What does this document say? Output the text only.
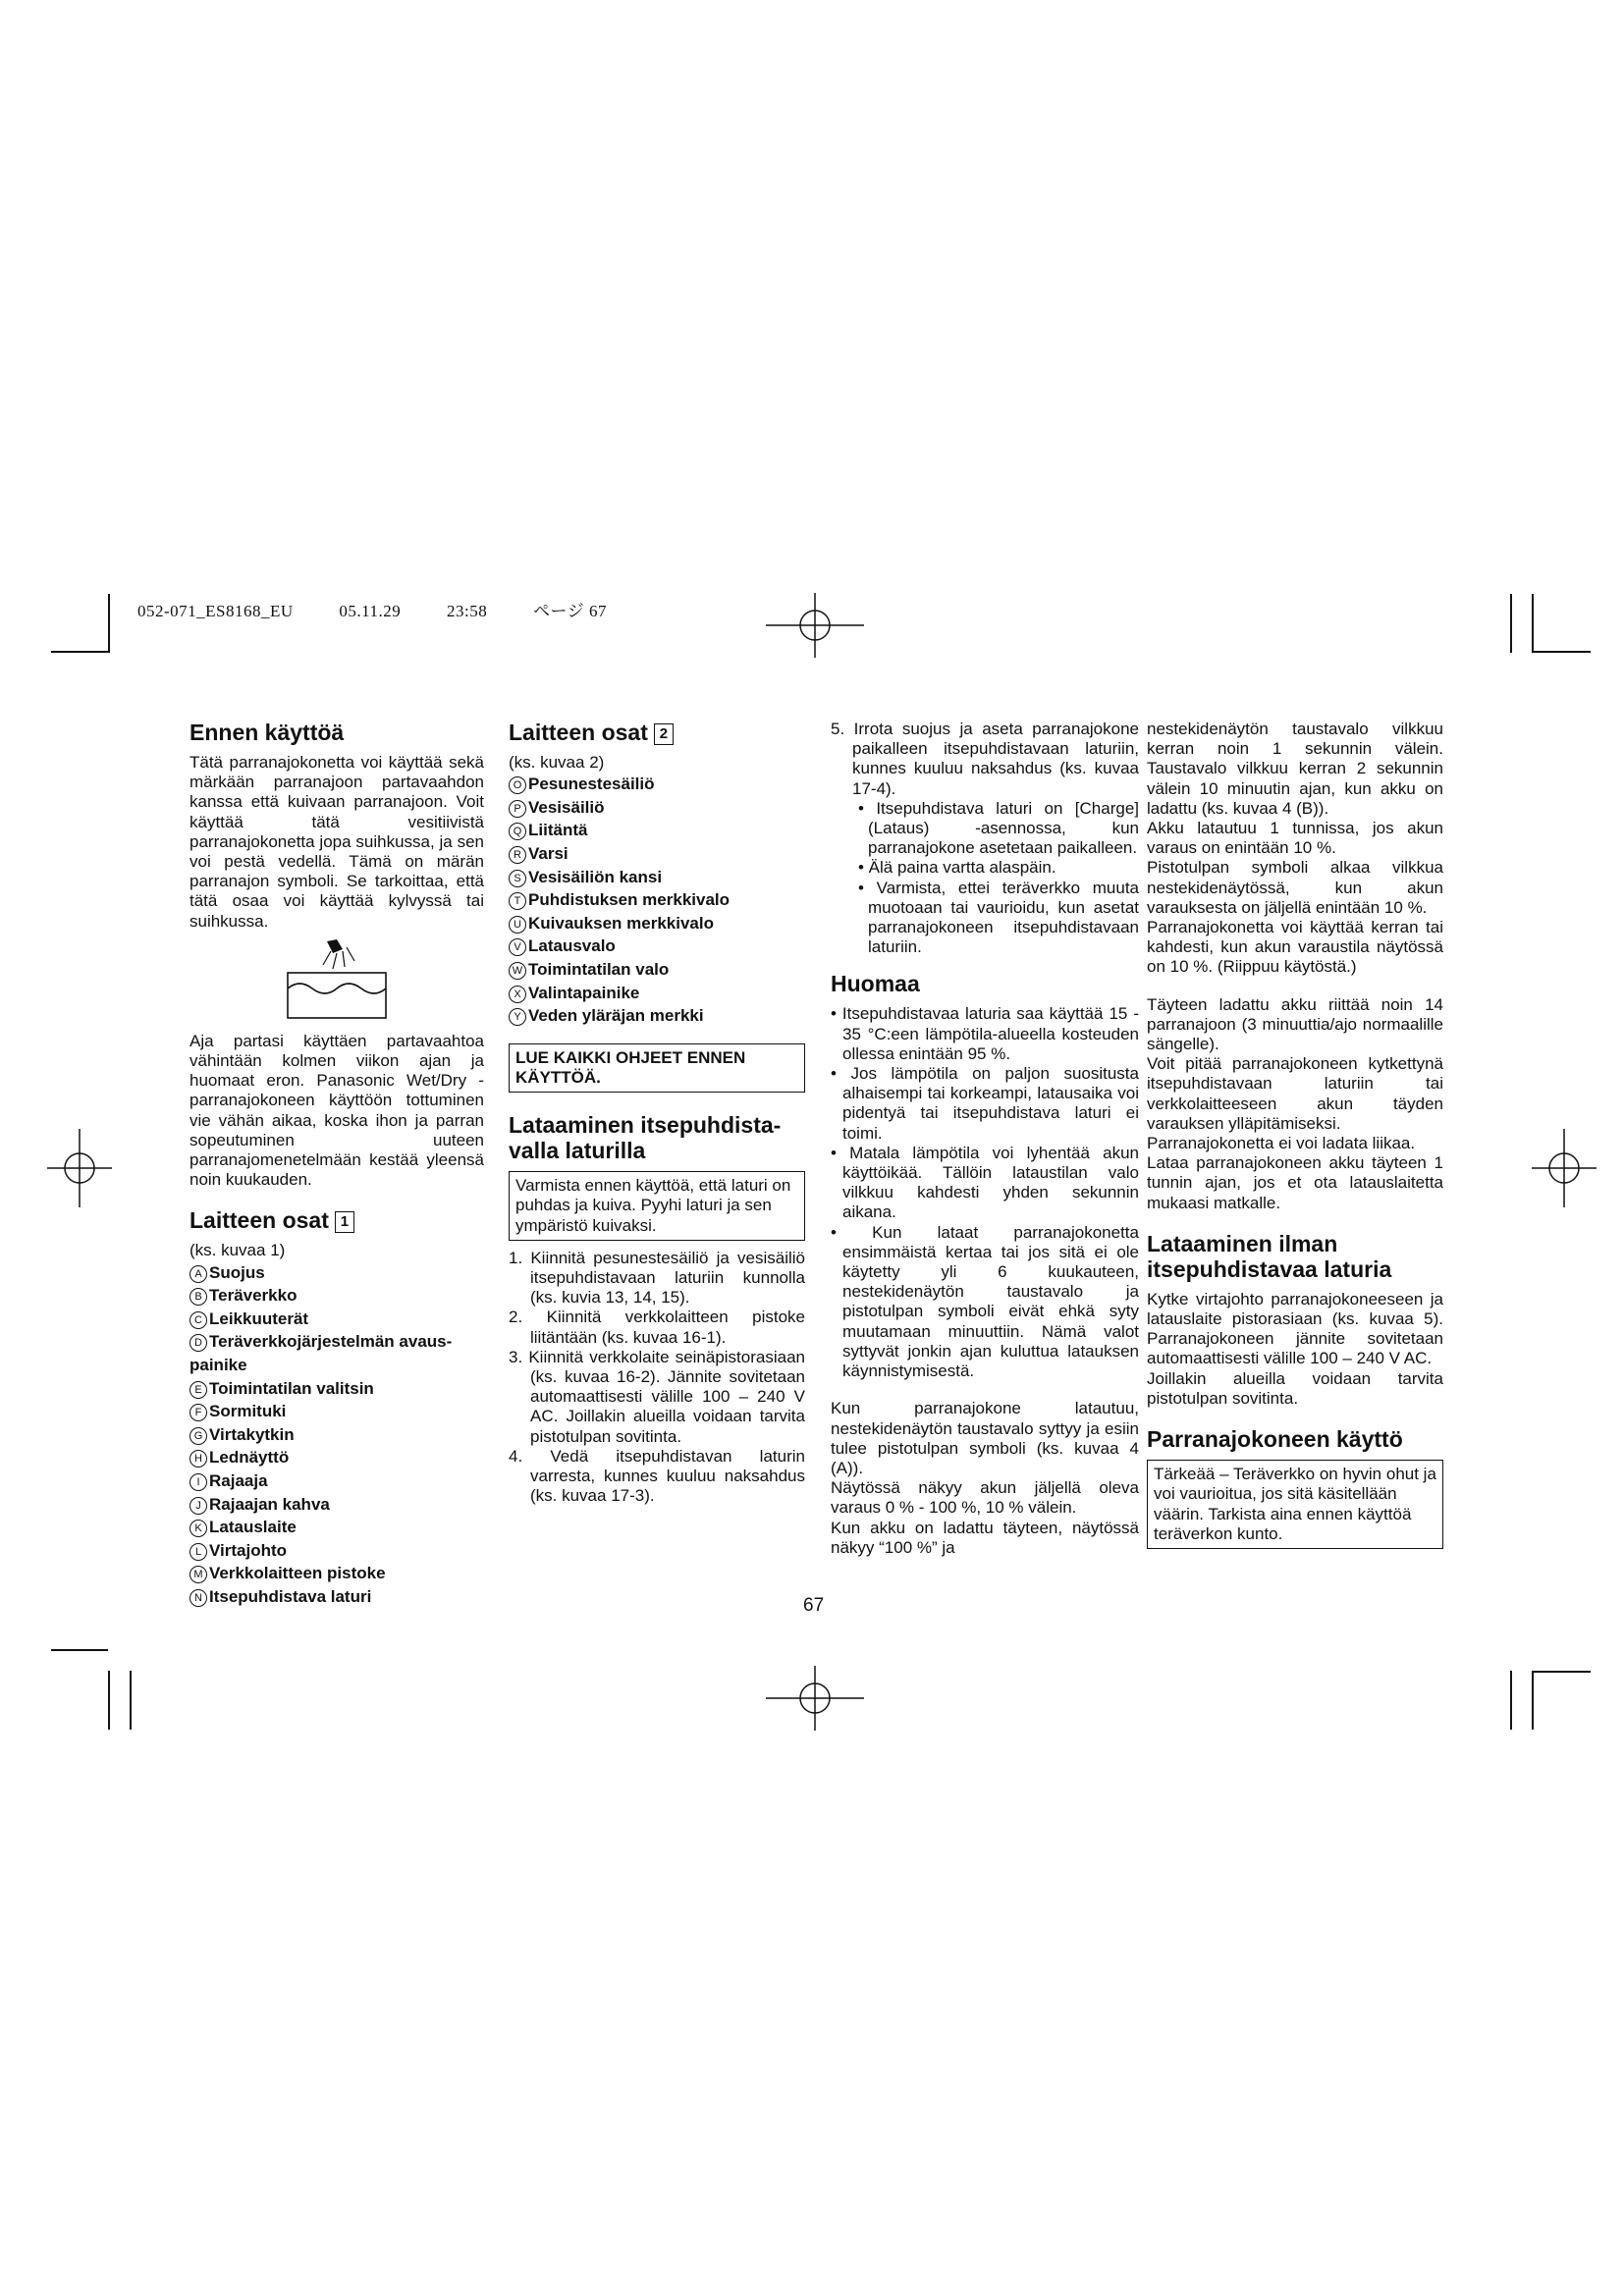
052-071_ES8168_EU	05.11.29	23:58	ページ 67
Ennen käyttöä

Tätä parranajokonetta voi käyttää sekä märkään parranajoon partavaahdon kanssa että kuivaan parranajoon. Voit käyttää tätä vesitiivistä parranajokonetta jopa suihkussa, ja sen voi pestä vedellä. Tämä on märän parranajon symboli. Se tarkoittaa, että tätä osaa voi käyttää kylvyssä tai suihkussa.

Aja partasi käyttäen partavaahtoa vähintään kolmen viikon ajan ja huomaat eron. Panasonic Wet/Dry -parranajokoneen käyttöön tottuminen vie vähän aikaa, koska ihon ja parran sopeutuminen uuteen parranajomenetelmään kestää yleensä noin kuukauden.

Laitteen osat 1
(ks. kuvaa 1)
A Suojus
B Teräverkko
C Leikkuuterät
D Teräverkkojärjestelmän avaus-painike
E Toimintatilan valitsin
F Sormituki
G Virtakytkin
H Lednäyttö
I Rajaaja
J Rajaajan kahva
K Latauslaite
L Virtajohto
M Verkkolaitteen pistoke
N Itsepuhdistava laturi
Laitteen osat 2
(ks. kuvaa 2)
O Pesunestesäiliö
P Vesisäiliö
Q Liitäntä
R Varsi
S Vesisäiliön kansi
T Puhdistuksen merkkivalo
U Kuivauksen merkkivalo
V Latausvalo
W Toimintatilan valo
X Valintapainike
Y Veden yläräjan merkki
LUE KAIKKI OHJEET ENNEN KÄYTTÖÄ.
Lataaminen itsepuhdista-valla laturilla
Varmista ennen käyttöä, että laturi on puhdas ja kuiva. Pyyhi laturi ja sen ympäristö kuivaksi.
1. Kiinnitä pesunestesäiliö ja vesisäiliö itsepuhdistavaan laturiin kunnolla (ks. kuvia 13, 14, 15).
2. Kiinnitä verkkolaitteen pistoke liitäntään (ks. kuvaa 16-1).
3. Kiinnitä verkkolaite seinäpistorasiaan (ks. kuvaa 16-2). Jännite sovitetaan automaattisesti välille 100 – 240 V AC. Joillakin alueilla voidaan tarvita pistotulpan sovitinta.
4. Vedä itsepuhdistavan laturin varresta, kunnes kuuluu naksahdus (ks. kuvaa 17-3).
5. Irrota suojus ja aseta parranajokone paikalleen itsepuhdistavaan laturiin, kunnes kuuluu naksahdus (ks. kuvaa 17-4).
• Itsepuhdistava laturi on [Charge] (Lataus) -asennossa, kun parranajokone asetetaan paikalleen.
• Älä paina vartta alaspäin.
• Varmista, ettei teräverkko muuta muotoaan tai vaurioidu, kun asetat parranajokoneen itsepuhdistavaan laturiin.
Huomaa
• Itsepuhdistavaa laturia saa käyttää 15 - 35 °C:een lämpötila-alueella kosteuden ollessa enintään 95 %.
• Jos lämpötila on paljon suositusta alhaisempi tai korkeampi, latausaika voi pidentyä tai itsepuhdistava laturi ei toimi.
• Matala lämpötila voi lyhentää akun käyttöikää. Tällöin lataustilan valo vilkkuu kahdesti yhden sekunnin aikana.
• Kun lataat parranajokonetta ensimmäistä kertaa tai jos sitä ei ole käytetty yli 6 kuukauteen, nestekidenäytön taustavalo ja pistotulpan symboli eivät ehkä syty muutamaan minuuttiin. Nämä valot syttyvät jonkin ajan kuluttua latauksen käynnistymisestä.

Kun parranajokone latautuu, nestekidenäytön taustavalo syttyy ja esiin tulee pistotulpan symboli (ks. kuvaa 4 (A)).

Näytössä näkyy akun jäljellä oleva varaus 0 % - 100 %, 10 % välein.

Kun akku on ladattu täyteen, näytössä näkyy “100 %” ja

nestekidenäytön taustavalo vilkkuu kerran noin 1 sekunnin välein. Taustavalo vilkkuu kerran 2 sekunnin välein 10 minuutin ajan, kun akku on ladattu (ks. kuvaa 4 (B)).

Akku latautuu 1 tunnissa, jos akun varaus on enintään 10 %.

Pistotulpan symboli alkaa vilkkua nestekidenäytössä, kun akun varauksesta on jäljellä enintään 10 %.

Parranajokonetta voi käyttää kerran tai kahdesti, kun akun varaustila näytössä on 10 %. (Riippuu käytöstä.)

Täyteen ladattu akku riittää noin 14 parranajoon (3 minuuttia/ajo normaalille sängelle).

Voit pitää parranajokoneen kytkettynä itsepuhdistavaan laturiin tai verkkolaitteeseen akun täyden varauksen ylläpitämiseksi.

Parranajokonetta ei voi ladata liikaa.

Lataa parranajokoneen akku täyteen 1 tunnin ajan, jos et ota latauslaitetta mukaasi matkalle.

Lataaminen ilman itsepuhdistavaa laturia

Kytke virtajohto parranajokoneeseen ja latauslaite pistorasiaan (ks. kuvaa 5). Parranajokoneen jännite sovitetaan automaattisesti välille 100 – 240 V AC.

Joillakin alueilla voidaan tarvita pistotulpan sovitinta.

Parranajokoneen käyttö
Tärkeää – Teräverkko on hyvin ohut ja voi vaurioitua, jos sitä käsitellään väärin. Tarkista aina ennen käyttöä teräverkon kunto.
67
